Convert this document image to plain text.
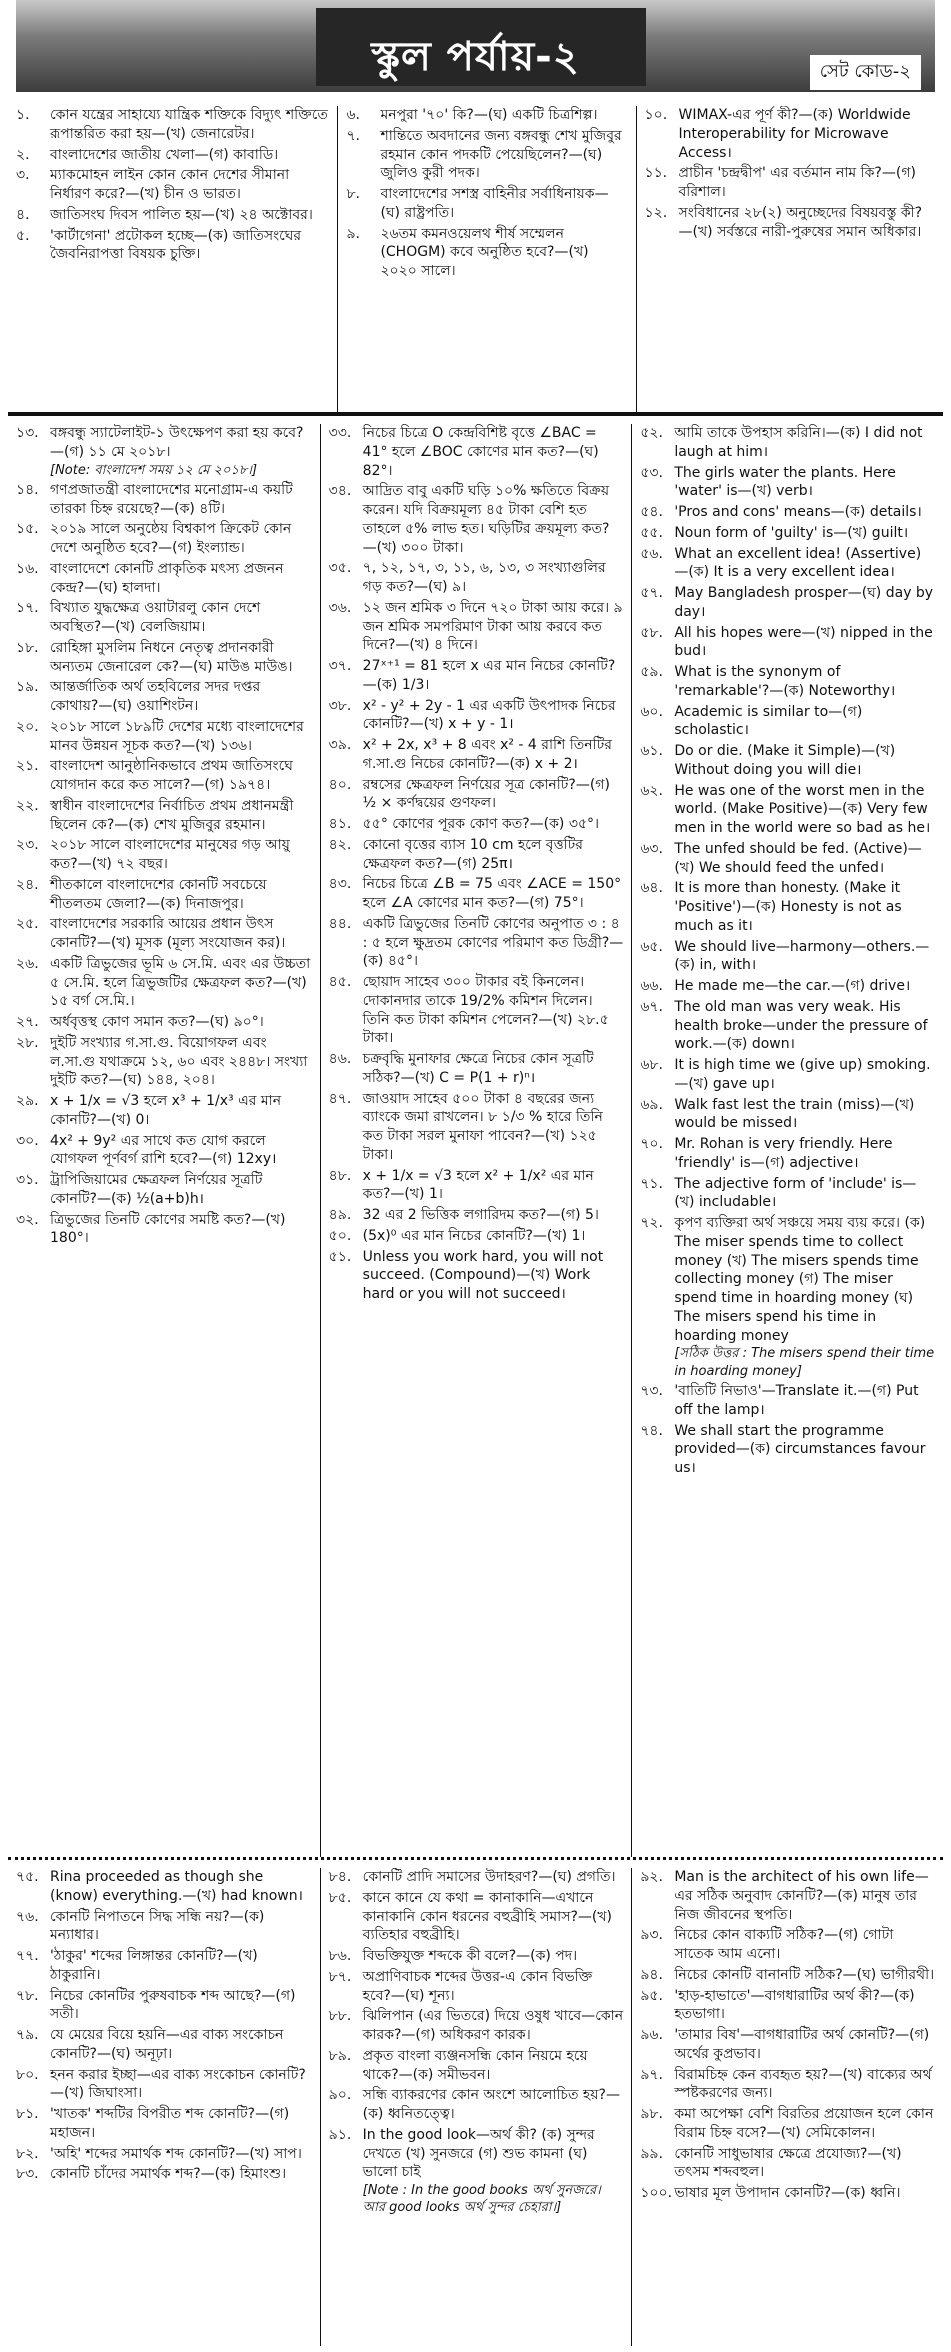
স্কুল পর্যায়-২	সেট কোড-২
১.	কোন যন্ত্রের সাহায্যে যান্ত্রিক শক্তিকে বিদ্যুৎ শক্তিতে রূপান্তরিত করা হয়—(খ) জেনারেটর।
২.	বাংলাদেশের জাতীয় খেলা—(গ) কাবাডি।
৩.	ম্যাকমোহন লাইন কোন কোন দেশের সীমানা নির্ধারণ করে?—(খ) চীন ও ভারত।
৪.	জাতিসংঘ দিবস পালিত হয়—(খ) ২৪ অক্টোবর।
৫.	'কার্টাগেনা' প্রটোকল হচ্ছে—(ক) জাতিসংঘের জৈবনিরাপত্তা বিষয়ক চুক্তি।
৬.	মনপুরা '৭০' কি?—(ঘ) একটি চিত্রশিল্প।
৭.	শান্তিতে অবদানের জন্য বঙ্গবন্ধু শেখ মুজিবুর রহমান কোন পদকটি পেয়েছিলেন?—(ঘ) জুলিও কুরী পদক।
৮.	বাংলাদেশের সশস্ত্র বাহিনীর সর্বাধিনায়ক—(ঘ) রাষ্ট্রপতি।
৯.	২৬তম কমনওয়েলথ শীর্ষ সম্মেলন (CHOGM) কবে অনুষ্ঠিত হবে?—(খ) ২০২০ সালে।
১০. WIMAX-এর পূর্ণ কী?—(ক) Worldwide Interoperability for Microwave Access।
১১. প্রাচীন 'চন্দ্রদ্বীপ' এর বর্তমান নাম কি?—(গ) বরিশাল।
১২. সংবিধানের ২৮(২) অনুচ্ছেদের বিষয়বস্তু কী?—(খ) সর্বস্তরে নারী-পুরুষের সমান অধিকার।
১৩. বঙ্গবন্ধু স্যাটেলাইট-১ উৎক্ষেপণ করা হয় কবে?—(গ) ১১ মে ২০১৮।
[Note: বাংলাদেশ সময় ১২ মে ২০১৮।]
১৪. গণপ্রজাতন্ত্রী বাংলাদেশের মনোগ্রাম-এ কয়টি তারকা চিহ্ন রয়েছে?—(ক) ৪টি।
১৫. ২০১৯ সালে অনুষ্ঠেয় বিশ্বকাপ ক্রিকেট কোন দেশে অনুষ্ঠিত হবে?—(গ) ইংল্যান্ড।
১৬. বাংলাদেশে কোনটি প্রাকৃতিক মৎস্য প্রজনন কেন্দ্র?—(ঘ) হালদা।
১৭. বিখ্যাত যুদ্ধক্ষেত্র ওয়াটারলু কোন দেশে অবস্থিত?—(খ) বেলজিয়াম।
১৮. রোহিঙ্গা মুসলিম নিধনে নেতৃত্ব প্রদানকারী অন্যতম জেনারেল কে?—(ঘ) মাউঙ মাউঙ।
১৯. আন্তর্জাতিক অর্থ তহবিলের সদর দপ্তর কোথায়?—(ঘ) ওয়াশিংটন।
২০. ২০১৮ সালে ১৮৯টি দেশের মধ্যে বাংলাদেশের মানব উন্নয়ন সূচক কত?—(খ) ১৩৬।
২১. বাংলাদেশ আনুষ্ঠানিকভাবে প্রথম জাতিসংঘে যোগদান করে কত সালে?—(গ) ১৯৭৪।
২২. স্বাধীন বাংলাদেশের নির্বাচিত প্রথম প্রধানমন্ত্রী ছিলেন কে?—(ক) শেখ মুজিবুর রহমান।
২৩. ২০১৮ সালে বাংলাদেশের মানুষের গড় আয়ু কত?—(খ) ৭২ বছর।
২৪. শীতকালে বাংলাদেশের কোনটি সবচেয়ে শীতলতম জেলা?—(ক) দিনাজপুর।
২৫. বাংলাদেশের সরকারি আয়ের প্রধান উৎস কোনটি?—(খ) মূসক (মূল্য সংযোজন কর)।
২৬. একটি ত্রিভুজের ভূমি ৬ সে.মি. এবং এর উচ্চতা ৫ সে.মি. হলে ত্রিভুজটির ক্ষেত্রফল কত?—(খ) ১৫ বর্গ সে.মি.।
২৭. অর্ধবৃত্তস্থ কোণ সমান কত?—(ঘ) ৯০°।
২৮. দুইটি সংখ্যার গ.সা.গু. বিয়োগফল এবং ল.সা.গু যথাক্রমে ১২, ৬০ এবং ২৪৪৮। সংখ্যা দুইটি কত?—(ঘ) ১৪৪, ২০৪।
২৯. x + 1/x = √3 হলে x³ + 1/x³ এর মান কোনটি?—(খ) 0।
৩০. 4x² + 9y² এর সাথে কত যোগ করলে যোগফল পূর্ণবর্গ রাশি হবে?—(গ) 12xy।
৩১. ট্রাপিজিয়ামের ক্ষেত্রফল নির্ণয়ের সূত্রটি কোনটি?—(ক) ½(a+b)h।
৩২. ত্রিভুজের তিনটি কোণের সমষ্টি কত?—(খ) 180°।
৩৩. নিচের চিত্রে O কেন্দ্রবিশিষ্ট বৃত্তে ∠BAC = 41° হলে ∠BOC কোণের মান কত?—(ঘ) 82°।
৩৪. আদ্রিত বাবু একটি ঘড়ি ১০% ক্ষতিতে বিক্রয় করেন। যদি বিক্রয়মূল্য ৪৫ টাকা বেশি হত তাহলে ৫% লাভ হত। ঘড়িটির ক্রয়মূল্য কত?—(খ) ৩০০ টাকা।
৩৫. ৭, ১২, ১৭, ৩, ১১, ৬, ১৩, ৩ সংখ্যাগুলির গড় কত?—(ঘ) ৯।
৩৬. ১২ জন শ্রমিক ৩ দিনে ৭২০ টাকা আয় করে। ৯ জন শ্রমিক সমপরিমাণ টাকা আয় করবে কত দিনে?—(খ) ৪ দিনে।
৩৭. 27ˣ⁺¹ = 81 হলে x এর মান নিচের কোনটি?—(ক) 1/3।
৩৮. x² - y² + 2y - 1 এর একটি উৎপাদক নিচের কোনটি?—(খ) x + y - 1।
৩৯. x² + 2x, x³ + 8 এবং x² - 4 রাশি তিনটির গ.সা.গু নিচের কোনটি?—(ক) x + 2।
৪০. রম্বসের ক্ষেত্রফল নির্ণয়ের সূত্র কোনটি?—(গ) ½ × কর্ণদ্বয়ের গুণফল।
৪১. ৫৫° কোণের পূরক কোণ কত?—(ক) ৩৫°।
৪২. কোনো বৃত্তের ব্যাস 10 cm হলে বৃত্তটির ক্ষেত্রফল কত?—(গ) 25π।
৪৩. নিচের চিত্রে ∠B = 75 এবং ∠ACE = 150° হলে ∠A কোণের মান কত?—(গ) 75°।
৪৪. একটি ত্রিভুজের তিনটি কোণের অনুপাত ৩ : ৪ : ৫ হলে ক্ষুদ্রতম কোণের পরিমাণ কত ডিগ্রী?—(ক) ৪৫°।
৪৫. ছোয়াদ সাহেব ৩০০ টাকার বই কিনলেন। দোকানদার তাকে 19/2% কমিশন দিলেন। তিনি কত টাকা কমিশন পেলেন?—(খ) ২৮.৫ টাকা।
৪৬. চক্রবৃদ্ধি মুনাফার ক্ষেত্রে নিচের কোন সূত্রটি সঠিক?—(খ) C = P(1 + r)ⁿ।
৪৭. জাওয়াদ সাহেব ৫০০ টাকা ৪ বছরের জন্য ব্যাংকে জমা রাখলেন। ৮ ১/৩ % হারে তিনি কত টাকা সরল মুনাফা পাবেন?—(খ) ১২৫ টাকা।
৪৮. x + 1/x = √3 হলে x² + 1/x² এর মান কত?—(খ) 1।
৪৯. 32 এর 2 ভিত্তিক লগারিদম কত?—(গ) 5।
৫০. (5x)⁰ এর মান নিচের কোনটি?—(খ) 1।
৫১. Unless you work hard, you will not succeed. (Compound)—(খ) Work hard or you will not succeed।
৫২. আমি তাকে উপহাস করিনি।—(ক) I did not laugh at him।
৫৩. The girls water the plants. Here 'water' is—(খ) verb।
৫৪. 'Pros and cons' means—(ক) details।
৫৫. Noun form of 'guilty' is—(খ) guilt।
৫৬. What an excellent idea! (Assertive)—(ক) It is a very excellent idea।
৫৭. May Bangladesh prosper—(ঘ) day by day।
৫৮. All his hopes were—(খ) nipped in the bud।
৫৯. What is the synonym of 'remarkable'?—(ক) Noteworthy।
৬০. Academic is similar to—(গ) scholastic।
৬১. Do or die. (Make it Simple)—(খ) Without doing you will die।
৬২. He was one of the worst men in the world. (Make Positive)—(ক) Very few men in the world were so bad as he।
৬৩. The unfed should be fed. (Active)—(খ) We should feed the unfed।
৬৪. It is more than honesty. (Make it 'Positive')—(ক) Honesty is not as much as it।
৬৫. We should live—harmony—others.—(ক) in, with।
৬৬. He made me—the car.—(গ) drive।
৬৭. The old man was very weak. His health broke—under the pressure of work.—(ক) down।
৬৮. It is high time we (give up) smoking.—(খ) gave up।
৬৯. Walk fast lest the train (miss)—(খ) would be missed।
৭০. Mr. Rohan is very friendly. Here 'friendly' is—(গ) adjective।
৭১. The adjective form of 'include' is—(খ) includable।
৭২. কৃপণ ব্যক্তিরা অর্থ সঞ্চয়ে সময় ব্যয় করে। (ক) The miser spends time to collect money (খ) The misers spends time collecting money (গ) The miser spend time in hoarding money (ঘ) The misers spend his time in hoarding money
[সঠিক উত্তর : The misers spend their time in hoarding money]
৭৩. 'বাতিটি নিভাও'—Translate it.—(গ) Put off the lamp।
৭৪. We shall start the programme provided—(ক) circumstances favour us।
৭৫. Rina proceeded as though she (know) everything.—(খ) had known।
৭৬. কোনটি নিপাতনে সিদ্ধ সন্ধি নয়?—(ক) মন্যাধার।
৭৭. 'ঠাকুর' শব্দের লিঙ্গান্তর কোনটি?—(খ) ঠাকুরানি।
৭৮. নিচের কোনটির পুরুষবাচক শব্দ আছে?—(গ) সতী।
৭৯. যে মেয়ের বিয়ে হয়নি—এর বাক্য সংকোচন কোনটি?—(ঘ) অনূঢ়া।
৮০. হনন করার ইচ্ছা—এর বাক্য সংকোচন কোনটি?—(খ) জিঘাংসা।
৮১. 'খাতক' শব্দটির বিপরীত শব্দ কোনটি?—(গ) মহাজন।
৮২. 'অহি' শব্দের সমার্থক শব্দ কোনটি?—(খ) সাপ।
৮৩. কোনটি চাঁদের সমার্থক শব্দ?—(ক) হিমাংশু।
৮৪. কোনটি প্রাদি সমাসের উদাহরণ?—(ঘ) প্রগতি।
৮৫. কানে কানে যে কথা = কানাকানি—এখানে কানাকানি কোন ধরনের বহুব্রীহি সমাস?—(খ) ব্যতিহার বহুব্রীহি।
৮৬. বিভক্তিযুক্ত শব্দকে কী বলে?—(ক) পদ।
৮৭. অপ্রাণিবাচক শব্দের উত্তর-এ কোন বিভক্তি হবে?—(ঘ) শূন্য।
৮৮. ঝিলিপান (এর ভিতরে) দিয়ে ওষুধ খাবে—কোন কারক?—(গ) অধিকরণ কারক।
৮৯. প্রকৃত বাংলা ব্যঞ্জনসন্ধি কোন নিয়মে হয়ে থাকে?—(ক) সমীভবন।
৯০. সন্ধি ব্যাকরণের কোন অংশে আলোচিত হয়?—(ক) ধ্বনিতত্ত্বে।
৯১. In the good look—অর্থ কী? (ক) সুন্দর দেখতে (খ) সুনজরে (গ) শুভ কামনা (ঘ) ভালো চাই
[Note : In the good books অর্থ সুনজরে। আর good looks অর্থ সুন্দর চেহারা।]
৯২. Man is the architect of his own life—এর সঠিক অনুবাদ কোনটি?—(ক) মানুষ তার নিজ জীবনের স্থপতি।
৯৩. নিচের কোন বাক্যটি সঠিক?—(গ) গোটা সাতেক আম এনো।
৯৪. নিচের কোনটি বানানটি সঠিক?—(ঘ) ভাগীরথী।
৯৫. 'হাড়-হাভাতে'—বাগধারাটির অর্থ কী?—(ক) হতভাগা।
৯৬. 'তামার বিষ'—বাগধারাটির অর্থ কোনটি?—(গ) অর্থের কুপ্রভাব।
৯৭. বিরামচিহ্ন কেন ব্যবহৃত হয়?—(খ) বাক্যের অর্থ স্পষ্টকরণের জন্য।
৯৮. কমা অপেক্ষা বেশি বিরতির প্রয়োজন হলে কোন বিরাম চিহ্ন বসে?—(খ) সেমিকোলন।
৯৯. কোনটি সাধুভাষার ক্ষেত্রে প্রযোজ্য?—(খ) তৎসম শব্দবহুল।
১০০. ভাষার মূল উপাদান কোনটি?—(ক) ধ্বনি।
